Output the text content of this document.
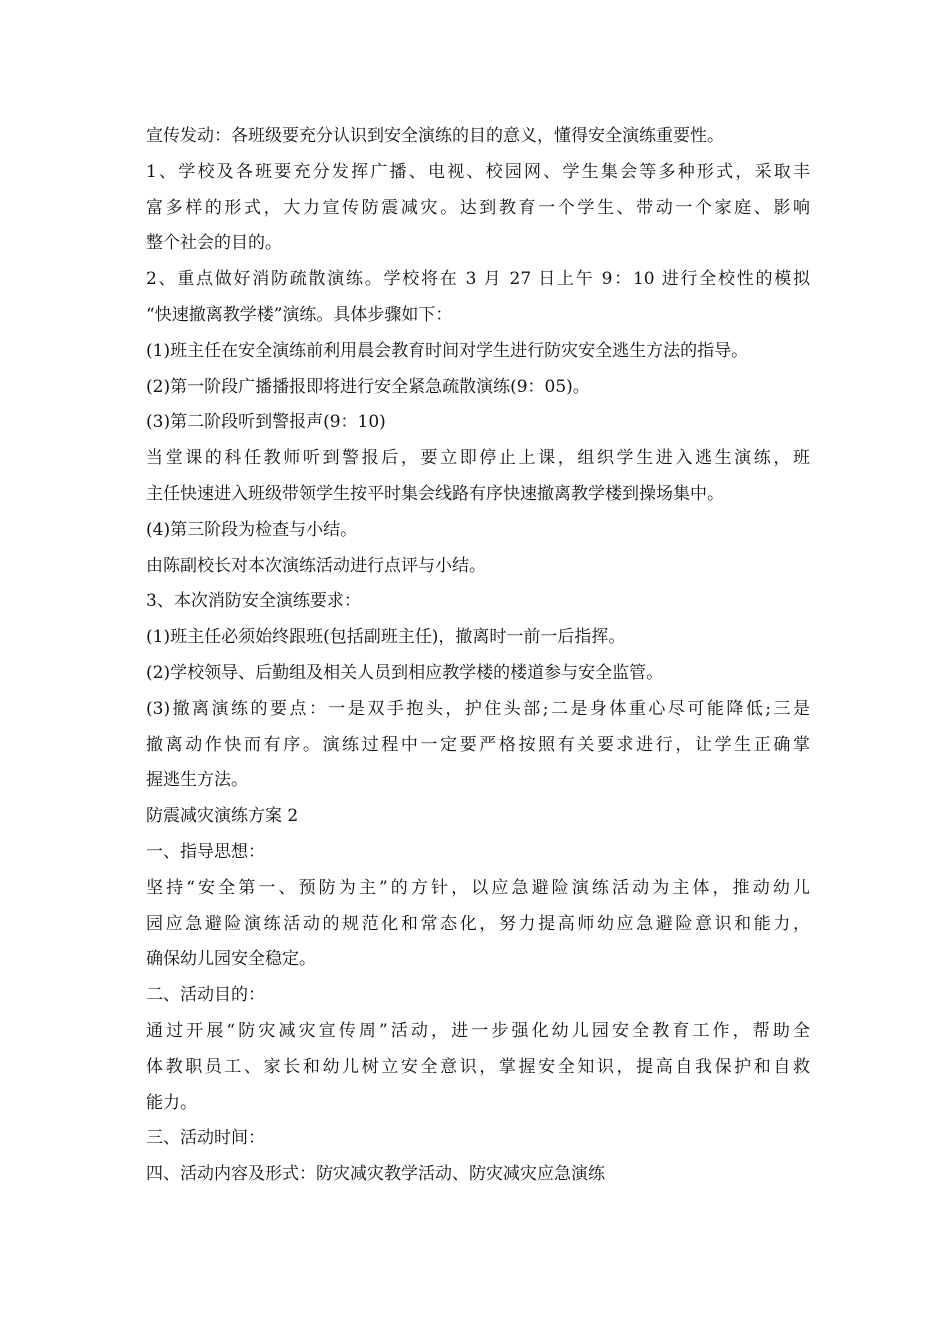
宣传发动：各班级要充分认识到安全演练的目的意义，懂得安全演练重要性。

1、学校及各班要充分发挥广播、电视、校园网、学生集会等多种形式，采取丰

富多样的形式，大力宣传防震减灾。达到教育一个学生、带动一个家庭、影响

整个社会的目的。

2、重点做好消防疏散演练。学校将在 3 月 27 日上午 9：10 进行全校性的模拟

“快速撤离教学楼”演练。具体步骤如下：

(1)班主任在安全演练前利用晨会教育时间对学生进行防灾安全逃生方法的指导。

(2)第一阶段广播播报即将进行安全紧急疏散演练(9：05)。

(3)第二阶段听到警报声(9：10)

当堂课的科任教师听到警报后，要立即停止上课，组织学生进入逃生演练，班

主任快速进入班级带领学生按平时集会线路有序快速撤离教学楼到操场集中。

(4)第三阶段为检查与小结。

由陈副校长对本次演练活动进行点评与小结。

3、本次消防安全演练要求：

(1)班主任必须始终跟班(包括副班主任)，撤离时一前一后指挥。

(2)学校领导、后勤组及相关人员到相应教学楼的楼道参与安全监管。

(3)撤离演练的要点：一是双手抱头，护住头部;二是身体重心尽可能降低;三是

撤离动作快而有序。演练过程中一定要严格按照有关要求进行，让学生正确掌

握逃生方法。

防震减灾演练方案 2

一、指导思想：

坚持“安全第一、预防为主”的方针，以应急避险演练活动为主体，推动幼儿

园应急避险演练活动的规范化和常态化，努力提高师幼应急避险意识和能力，

确保幼儿园安全稳定。

二、活动目的：

通过开展“防灾减灾宣传周”活动，进一步强化幼儿园安全教育工作，帮助全

体教职员工、家长和幼儿树立安全意识，掌握安全知识，提高自我保护和自救

能力。

三、活动时间：

四、活动内容及形式：防灾减灾教学活动、防灾减灾应急演练
